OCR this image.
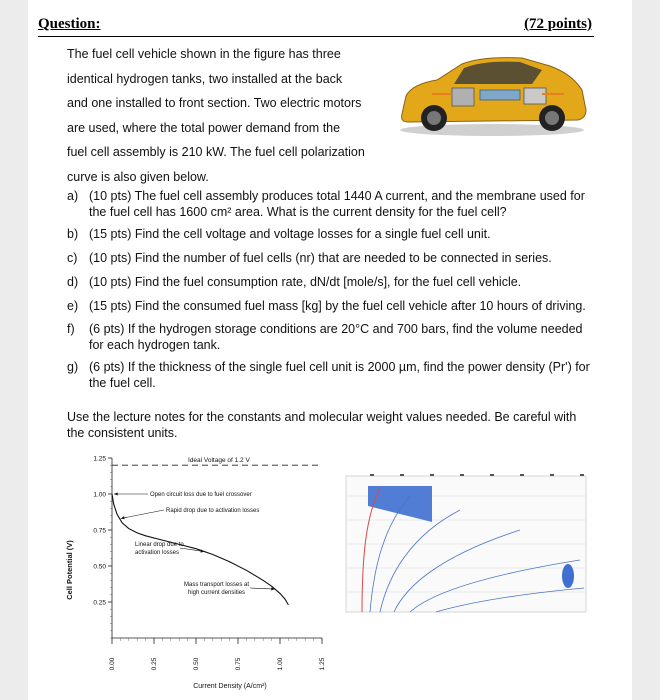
Question:	(72 points)
The fuel cell vehicle shown in the figure has three
identical hydrogen tanks, two installed at the back
and one installed to front section. Two electric motors
are used, where the total power demand from the
fuel cell assembly is 210 kW. The fuel cell polarization
curve is also given below.
a) (10 pts) The fuel cell assembly produces total 1440 A current, and the membrane used for the fuel cell has 1600 cm² area. What is the current density for the fuel cell?
b) (15 pts) Find the cell voltage and voltage losses for a single fuel cell unit.
c) (10 pts) Find the number of fuel cells (nr) that are needed to be connected in series.
d) (10 pts) Find the fuel consumption rate, dN/dt [mole/s], for the fuel cell vehicle.
e) (15 pts) Find the consumed fuel mass [kg] by the fuel cell vehicle after 10 hours of driving.
f) (6 pts) If the hydrogen storage conditions are 20°C and 700 bars, find the volume needed for each hydrogen tank.
g) (6 pts) If the thickness of the single fuel cell unit is 2000 µm, find the power density (Pr') for the fuel cell.
Use the lecture notes for the constants and molecular weight values needed. Be careful with the consistent units.
1.25
1.00
0.75
0.50
0.25
0.00	0.25	0.50	0.75	1.00	1.25
Ideal Voltage of 1.2 V
Open circuit loss due to fuel crossover
Rapid drop due to activation losses
Linear drop due to
activation losses
Mass transport losses at
high current densities
Cell Potential (V)
Current Density (A/cm²)
